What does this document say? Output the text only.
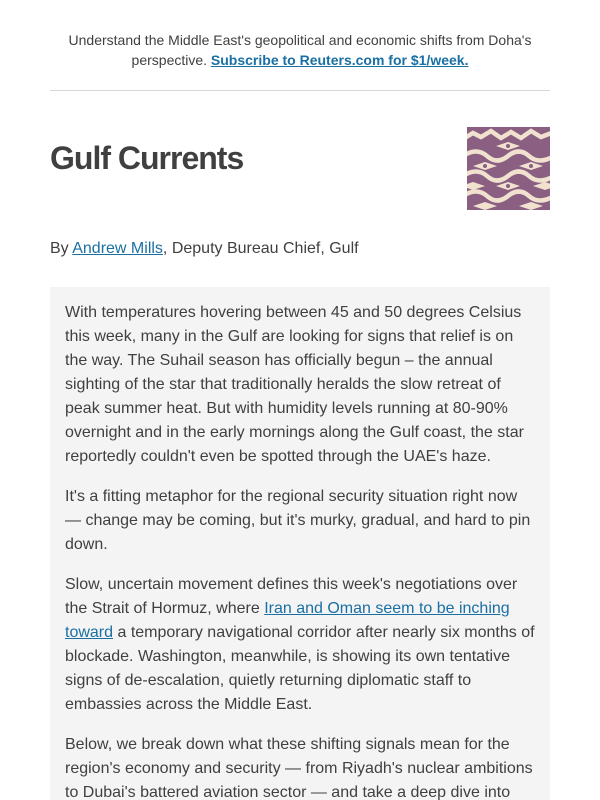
Understand the Middle East's geopolitical and economic shifts from Doha's perspective. Subscribe to Reuters.com for $1/week.
Gulf Currents
By Andrew Mills, Deputy Bureau Chief, Gulf

With temperatures hovering between 45 and 50 degrees Celsius this week, many in the Gulf are looking for signs that relief is on the way. The Suhail season has officially begun – the annual sighting of the star that traditionally heralds the slow retreat of peak summer heat. But with humidity levels running at 80-90% overnight and in the early mornings along the Gulf coast, the star reportedly couldn't even be spotted through the UAE's haze.

It's a fitting metaphor for the regional security situation right now — change may be coming, but it's murky, gradual, and hard to pin down.

Slow, uncertain movement defines this week's negotiations over the Strait of Hormuz, where Iran and Oman seem to be inching toward a temporary navigational corridor after nearly six months of blockade. Washington, meanwhile, is showing its own tentative signs of de-escalation, quietly returning diplomatic staff to embassies across the Middle East.

Below, we break down what these shifting signals mean for the region's economy and security — from Riyadh's nuclear ambitions to Dubai's battered aviation sector — and take a deep dive into
